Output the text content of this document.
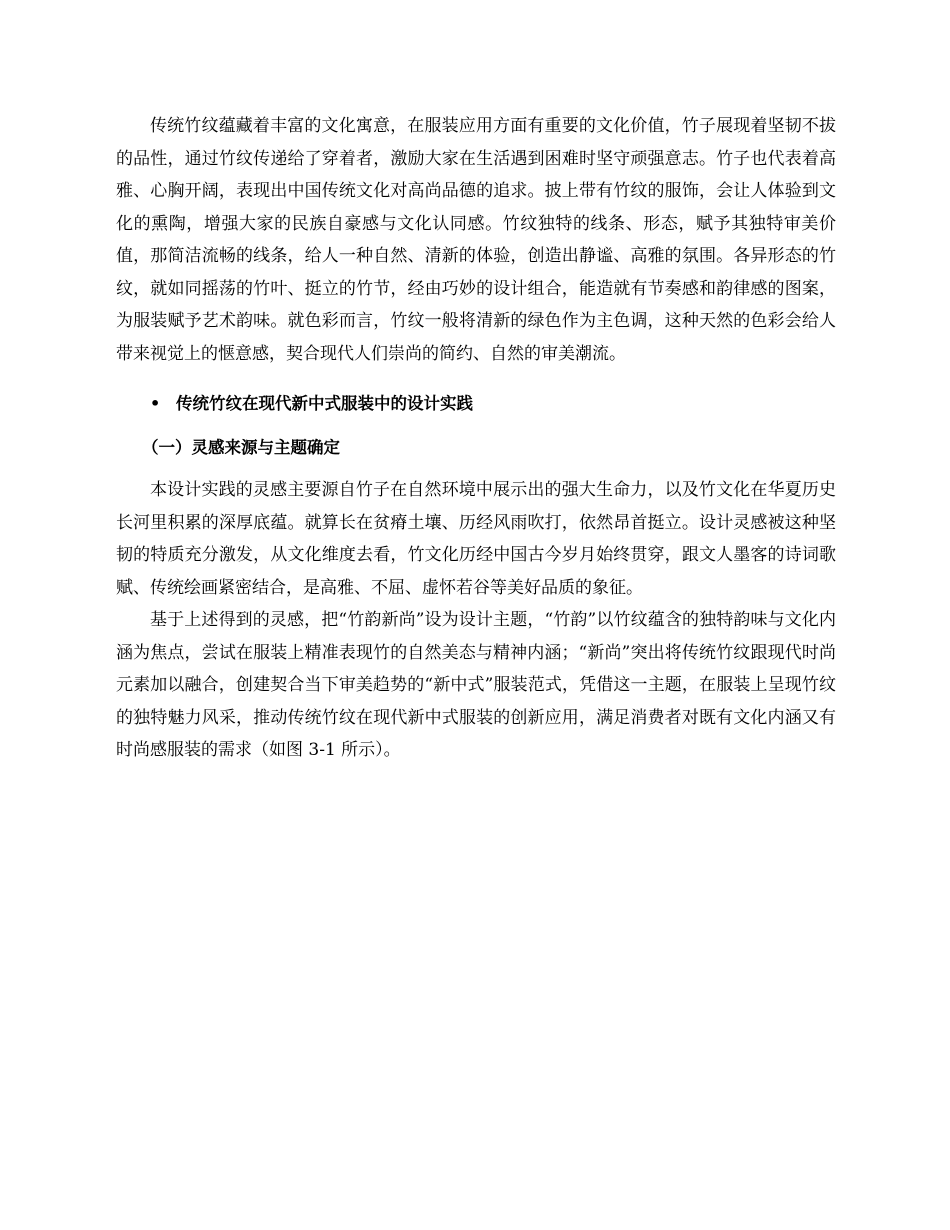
传统竹纹蕴藏着丰富的文化寓意，在服装应用方面有重要的文化价值，竹子展现着坚韧不拔的品性，通过竹纹传递给了穿着者，激励大家在生活遇到困难时坚守顽强意志。竹子也代表着高雅、心胸开阔，表现出中国传统文化对高尚品德的追求。披上带有竹纹的服饰，会让人体验到文化的熏陶，增强大家的民族自豪感与文化认同感。竹纹独特的线条、形态，赋予其独特审美价值，那简洁流畅的线条，给人一种自然、清新的体验，创造出静谧、高雅的氛围。各异形态的竹纹，就如同摇荡的竹叶、挺立的竹节，经由巧妙的设计组合，能造就有节奏感和韵律感的图案，为服装赋予艺术韵味。就色彩而言，竹纹一般将清新的绿色作为主色调，这种天然的色彩会给人带来视觉上的惬意感，契合现代人们崇尚的简约、自然的审美潮流。

• 传统竹纹在现代新中式服装中的设计实践
（一）灵感来源与主题确定

本设计实践的灵感主要源自竹子在自然环境中展示出的强大生命力，以及竹文化在华夏历史长河里积累的深厚底蕴。就算长在贫瘠土壤、历经风雨吹打，依然昂首挺立。设计灵感被这种坚韧的特质充分激发，从文化维度去看，竹文化历经中国古今岁月始终贯穿，跟文人墨客的诗词歌赋、传统绘画紧密结合，是高雅、不屈、虚怀若谷等美好品质的象征。

基于上述得到的灵感，把“竹韵新尚”设为设计主题，“竹韵”以竹纹蕴含的独特韵味与文化内涵为焦点，尝试在服装上精准表现竹的自然美态与精神内涵；“新尚”突出将传统竹纹跟现代时尚元素加以融合，创建契合当下审美趋势的“新中式”服装范式，凭借这一主题，在服装上呈现竹纹的独特魅力风采，推动传统竹纹在现代新中式服装的创新应用，满足消费者对既有文化内涵又有时尚感服装的需求（如图 3-1 所示）。
